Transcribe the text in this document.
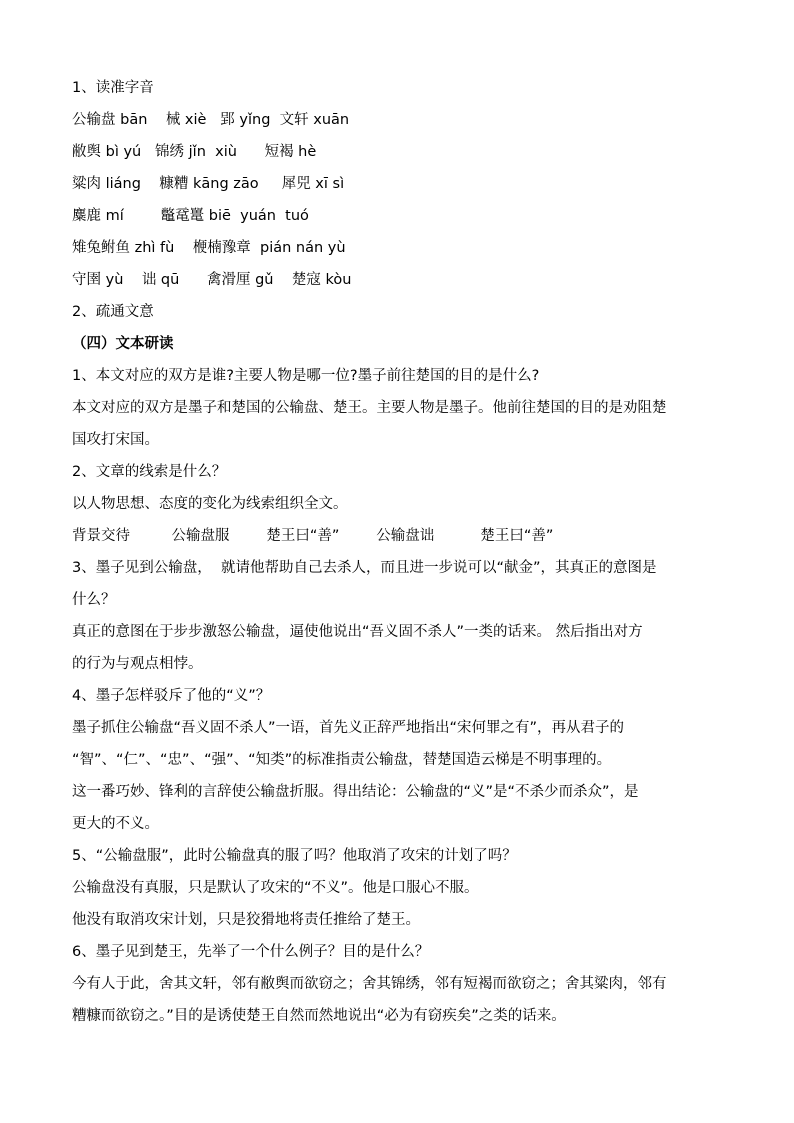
1、读准字音

公输盘 bān    械 xiè   郢 yǐng  文轩 xuān

敝舆 bì yú   锦绣 jǐn  xiù      短褐 hè

粱肉 liáng    糠糟 kāng zāo     犀兕 xī sì

麋鹿 mí        鼈鼋鼍 biē  yuán  tuó

雉兔鲋鱼 zhì fù    楩楠豫章  pián nán yù

守圉 yù    诎 qū      禽滑厘 gǔ    楚寇 kòu

2、疏通文意

（四）文本研读

1、本文对应的双方是谁?主要人物是哪一位?墨子前往楚国的目的是什么?

本文对应的双方是墨子和楚国的公输盘、楚王。主要人物是墨子。他前往楚国的目的是劝阻楚
国攻打宋国。

2、文章的线索是什么？

以人物思想、态度的变化为线索组织全文。

背景交待         公输盘服        楚王曰“善”        公输盘诎          楚王曰“善”

3、墨子见到公输盘，  就请他帮助自己去杀人，而且进一步说可以“献金”，其真正的意图是
什么？
真正的意图在于步步激怒公输盘，逼使他说出“吾义固不杀人”一类的话来。 然后指出对方
的行为与观点相悖。

4、墨子怎样驳斥了他的“义”？

墨子抓住公输盘“吾义固不杀人”一语，首先义正辞严地指出“宋何罪之有”，再从君子的
“智”、“仁”、“忠”、“强”、“知类”的标准指责公输盘，替楚国造云梯是不明事理的。
这一番巧妙、锋利的言辞使公输盘折服。得出结论：公输盘的“义”是“不杀少而杀众”，是
更大的不义。

5、“公输盘服”，此时公输盘真的服了吗？他取消了攻宋的计划了吗？

公输盘没有真服，只是默认了攻宋的“不义”。他是口服心不服。
他没有取消攻宋计划，只是狡猾地将责任推给了楚王。

6、墨子见到楚王，先举了一个什么例子？目的是什么？

今有人于此，舍其文轩，邻有敝舆而欲窃之；舍其锦绣，邻有短褐而欲窃之；舍其粱肉，邻有
糟糠而欲窃之。”目的是诱使楚王自然而然地说出“必为有窃疾矣”之类的话来。
